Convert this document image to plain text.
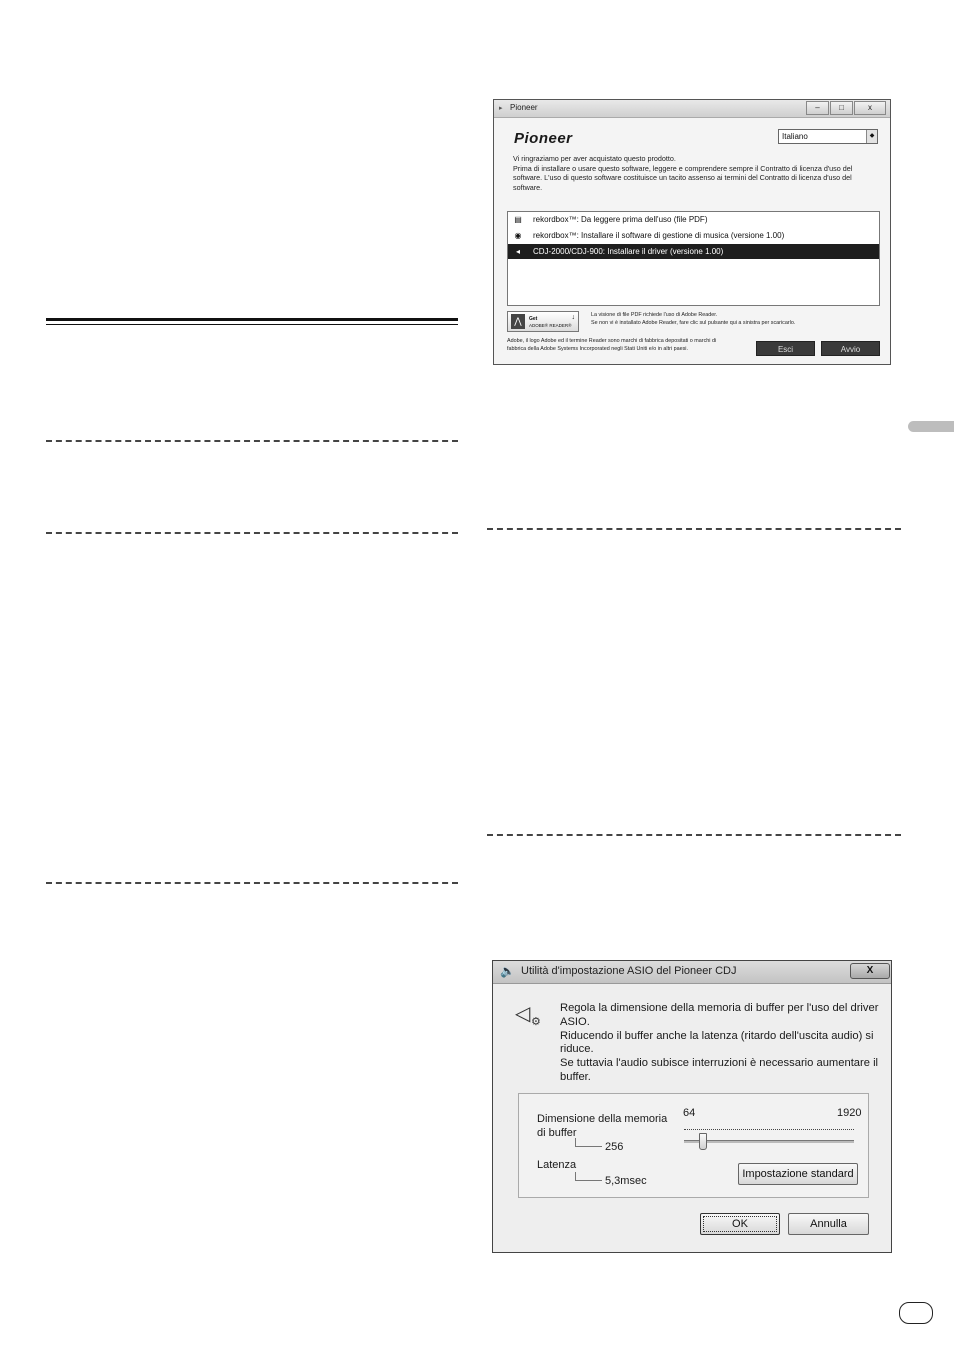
▸ Pioneer	–	□	x
Pioneer	Italiano	◆
Vi ringraziamo per aver acquistato questo prodotto.
Prima di installare o usare questo software, leggere e comprendere sempre il Contratto di licenza d'uso del software. L'uso di questo software costituisce un tacito assenso ai termini del Contratto di licenza d'uso del software.
▤ rekordbox™: Da leggere prima dell'uso (file PDF)
◉	rekordbox™: Installare il software di gestione di musica (versione 1.00)
◂	CDJ-2000/CDJ-900: Installare il driver (versione 1.00)
⋀	Get
ADOBE® READER®
↓	La visione di file PDF richiede l'uso di Adobe Reader.
Se non vi è installato Adobe Reader, fare clic sul pulsante qui a sinistra per scaricarlo.
Adobe, il logo Adobe ed il termine Reader sono marchi di fabbrica depositati o marchi di fabbrica della Adobe Systems Incorporated negli Stati Uniti e/o in altri paesi.	Esci	Avvio
🔈 Utilità d'impostazione ASIO del Pioneer CDJ	X
◁ ⚙
Regola la dimensione della memoria di buffer per l'uso del driver ASIO.
Riducendo il buffer anche la latenza (ritardo dell'uscita audio) si riduce.
Se tuttavia l'audio subisce interruzioni è necessario aumentare il buffer.
Dimensione della memoria
di buffer
256
64	1920
Latenza
5,3msec
Impostazione standard
OK	Annulla
